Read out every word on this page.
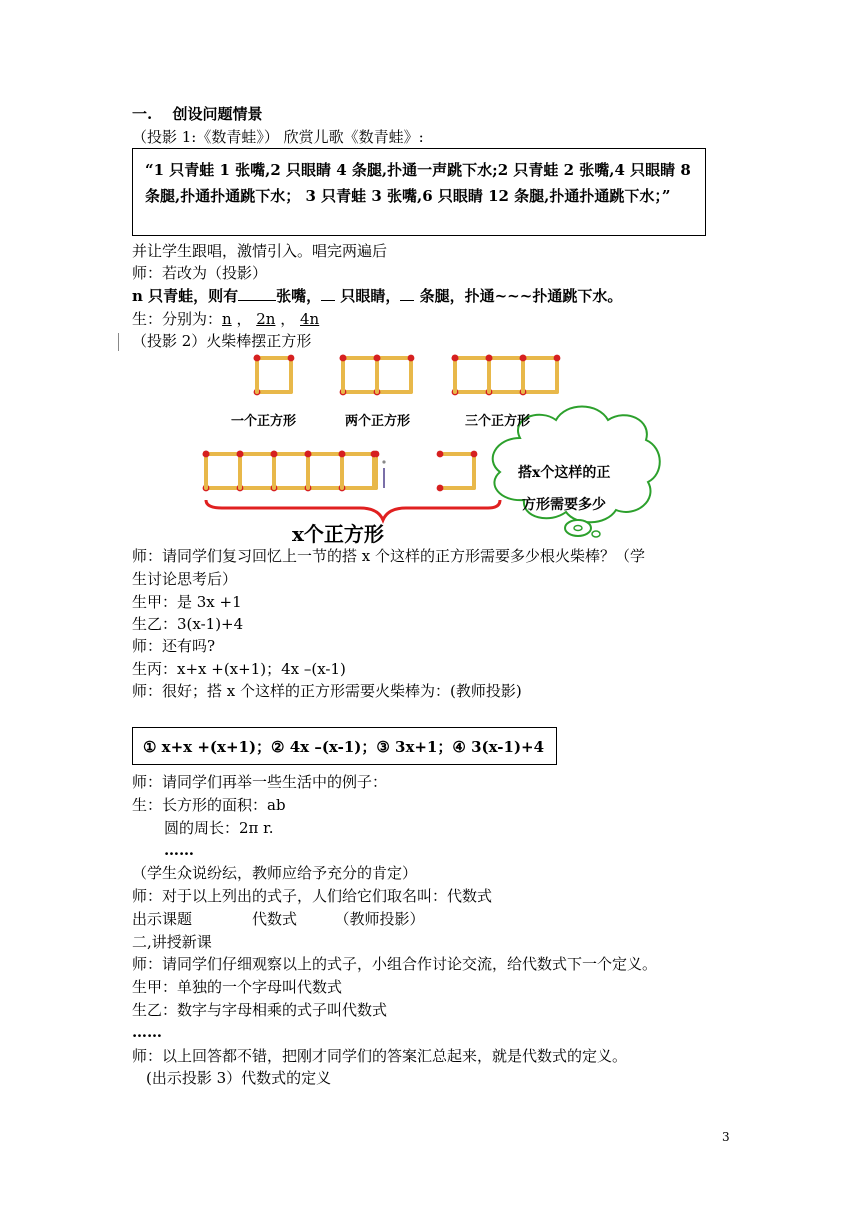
一.　 创设问题情景
（投影 1:《数青蛙》） 欣赏儿歌《数青蛙》:
“1 只青蛙 1 张嘴,2 只眼睛 4 条腿,扑通一声跳下水;2 只青蛙 2 张嘴,4 只眼睛 8 条腿,扑通扑通跳下水； 3 只青蛙 3 张嘴,6 只眼睛 12 条腿,扑通扑通跳下水；”
并让学生跟唱，激情引入。唱完两遍后
师：若改为（投影）
n 只青蛙，则有	张嘴， 只眼睛， 条腿，扑通~~~扑通跳下水。
生：分别为：n ， 2n ， 4n
（投影 2）火柴棒摆正方形
一个正方形	两个正方形	三个正方形
搭x个这样的正
方形需要多少
x个正方形
师：请同学们复习回忆上一节的搭 x 个这样的正方形需要多少根火柴棒？（学
生讨论思考后）
生甲：是 3x +1
生乙：3(x-1)+4
师：还有吗?
生丙：x+x +(x+1)；4x –(x-1)
师：很好；搭 x 个这样的正方形需要火柴棒为：(教师投影)
① x+x +(x+1)；② 4x –(x-1)；③ 3x+1；④ 3(x-1)+4
师：请同学们再举一些生活中的例子：
生：长方形的面积：ab
圆的周长：2π r.
……
（学生众说纷纭，教师应给予充分的肯定）
师：对于以上列出的式子，人们给它们取名叫：代数式
出示课题　　　　代数式　　　（教师投影）
二,讲授新课
师：请同学们仔细观察以上的式子，小组合作讨论交流，给代数式下一个定义。
生甲：单独的一个字母叫代数式
生乙：数字与字母相乘的式子叫代数式
……
师：以上回答都不错，把刚才同学们的答案汇总起来，就是代数式的定义。
(出示投影 3）代数式的定义
3
